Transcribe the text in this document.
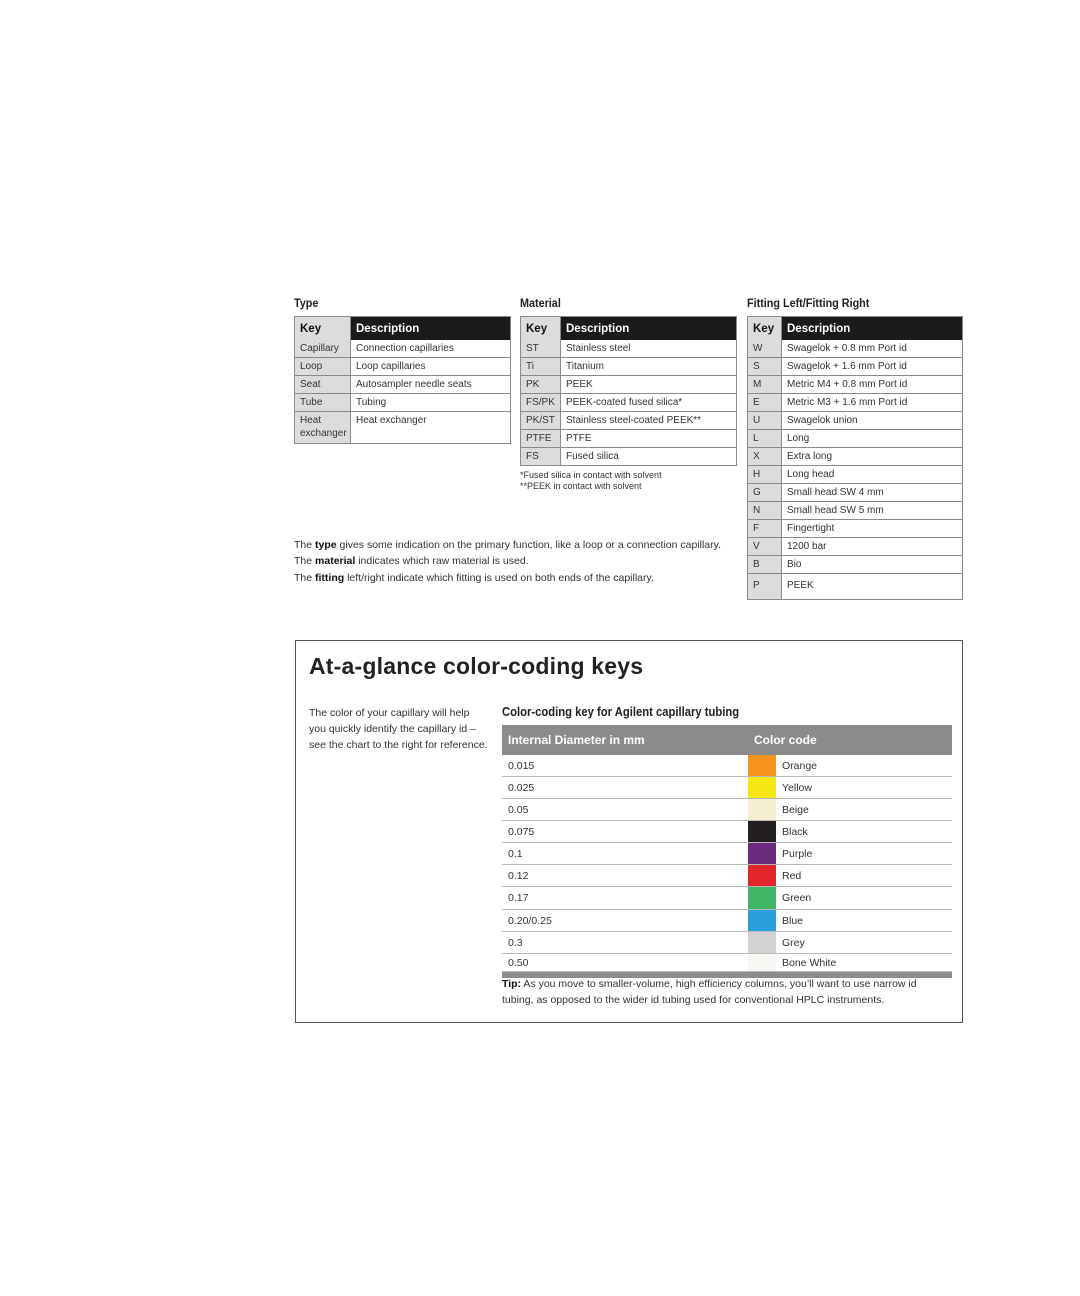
Type
Key	Description
Capillary	Connection capillaries
Loop	Loop capillaries
Seat	Autosampler needle seats
Tube	Tubing
Heat exchanger	Heat exchanger
Material
Key	Description
ST	Stainless steel
Ti	Titanium
PK	PEEK
FS/PK	PEEK-coated fused silica*
PK/ST	Stainless steel-coated PEEK**
PTFE	PTFE
FS	Fused silica
*Fused silica in contact with solvent
**PEEK in contact with solvent
Fitting Left/Fitting Right
Key	Description
W	Swagelok + 0.8 mm Port id
S	Swagelok + 1.6 mm Port id
M	Metric M4 + 0.8 mm Port id
E	Metric M3 + 1.6 mm Port id
U	Swagelok union
L	Long
X	Extra long
H	Long head
G	Small head SW 4 mm
N	Small head SW 5 mm
F	Fingertight
V	1200 bar
B	Bio
P	PEEK
The type gives some indication on the primary function, like a loop or a connection capillary.
The material indicates which raw material is used.
The fitting left/right indicate which fitting is used on both ends of the capillary.
At-a-glance color-coding keys
The color of your capillary will help you quickly identify the capillary id – see the chart to the right for reference.
Color-coding key for Agilent capillary tubing
Internal Diameter in mm	Color code
0.015	Orange
0.025	Yellow
0.05	Beige
0.075	Black
0.1	Purple
0.12	Red
0.17	Green
0.20/0.25	Blue
0.3	Grey
0.50	Bone White
Tip: As you move to smaller-volume, high efficiency columns, you’ll want to use narrow id tubing, as opposed to the wider id tubing used for conventional HPLC instruments.
